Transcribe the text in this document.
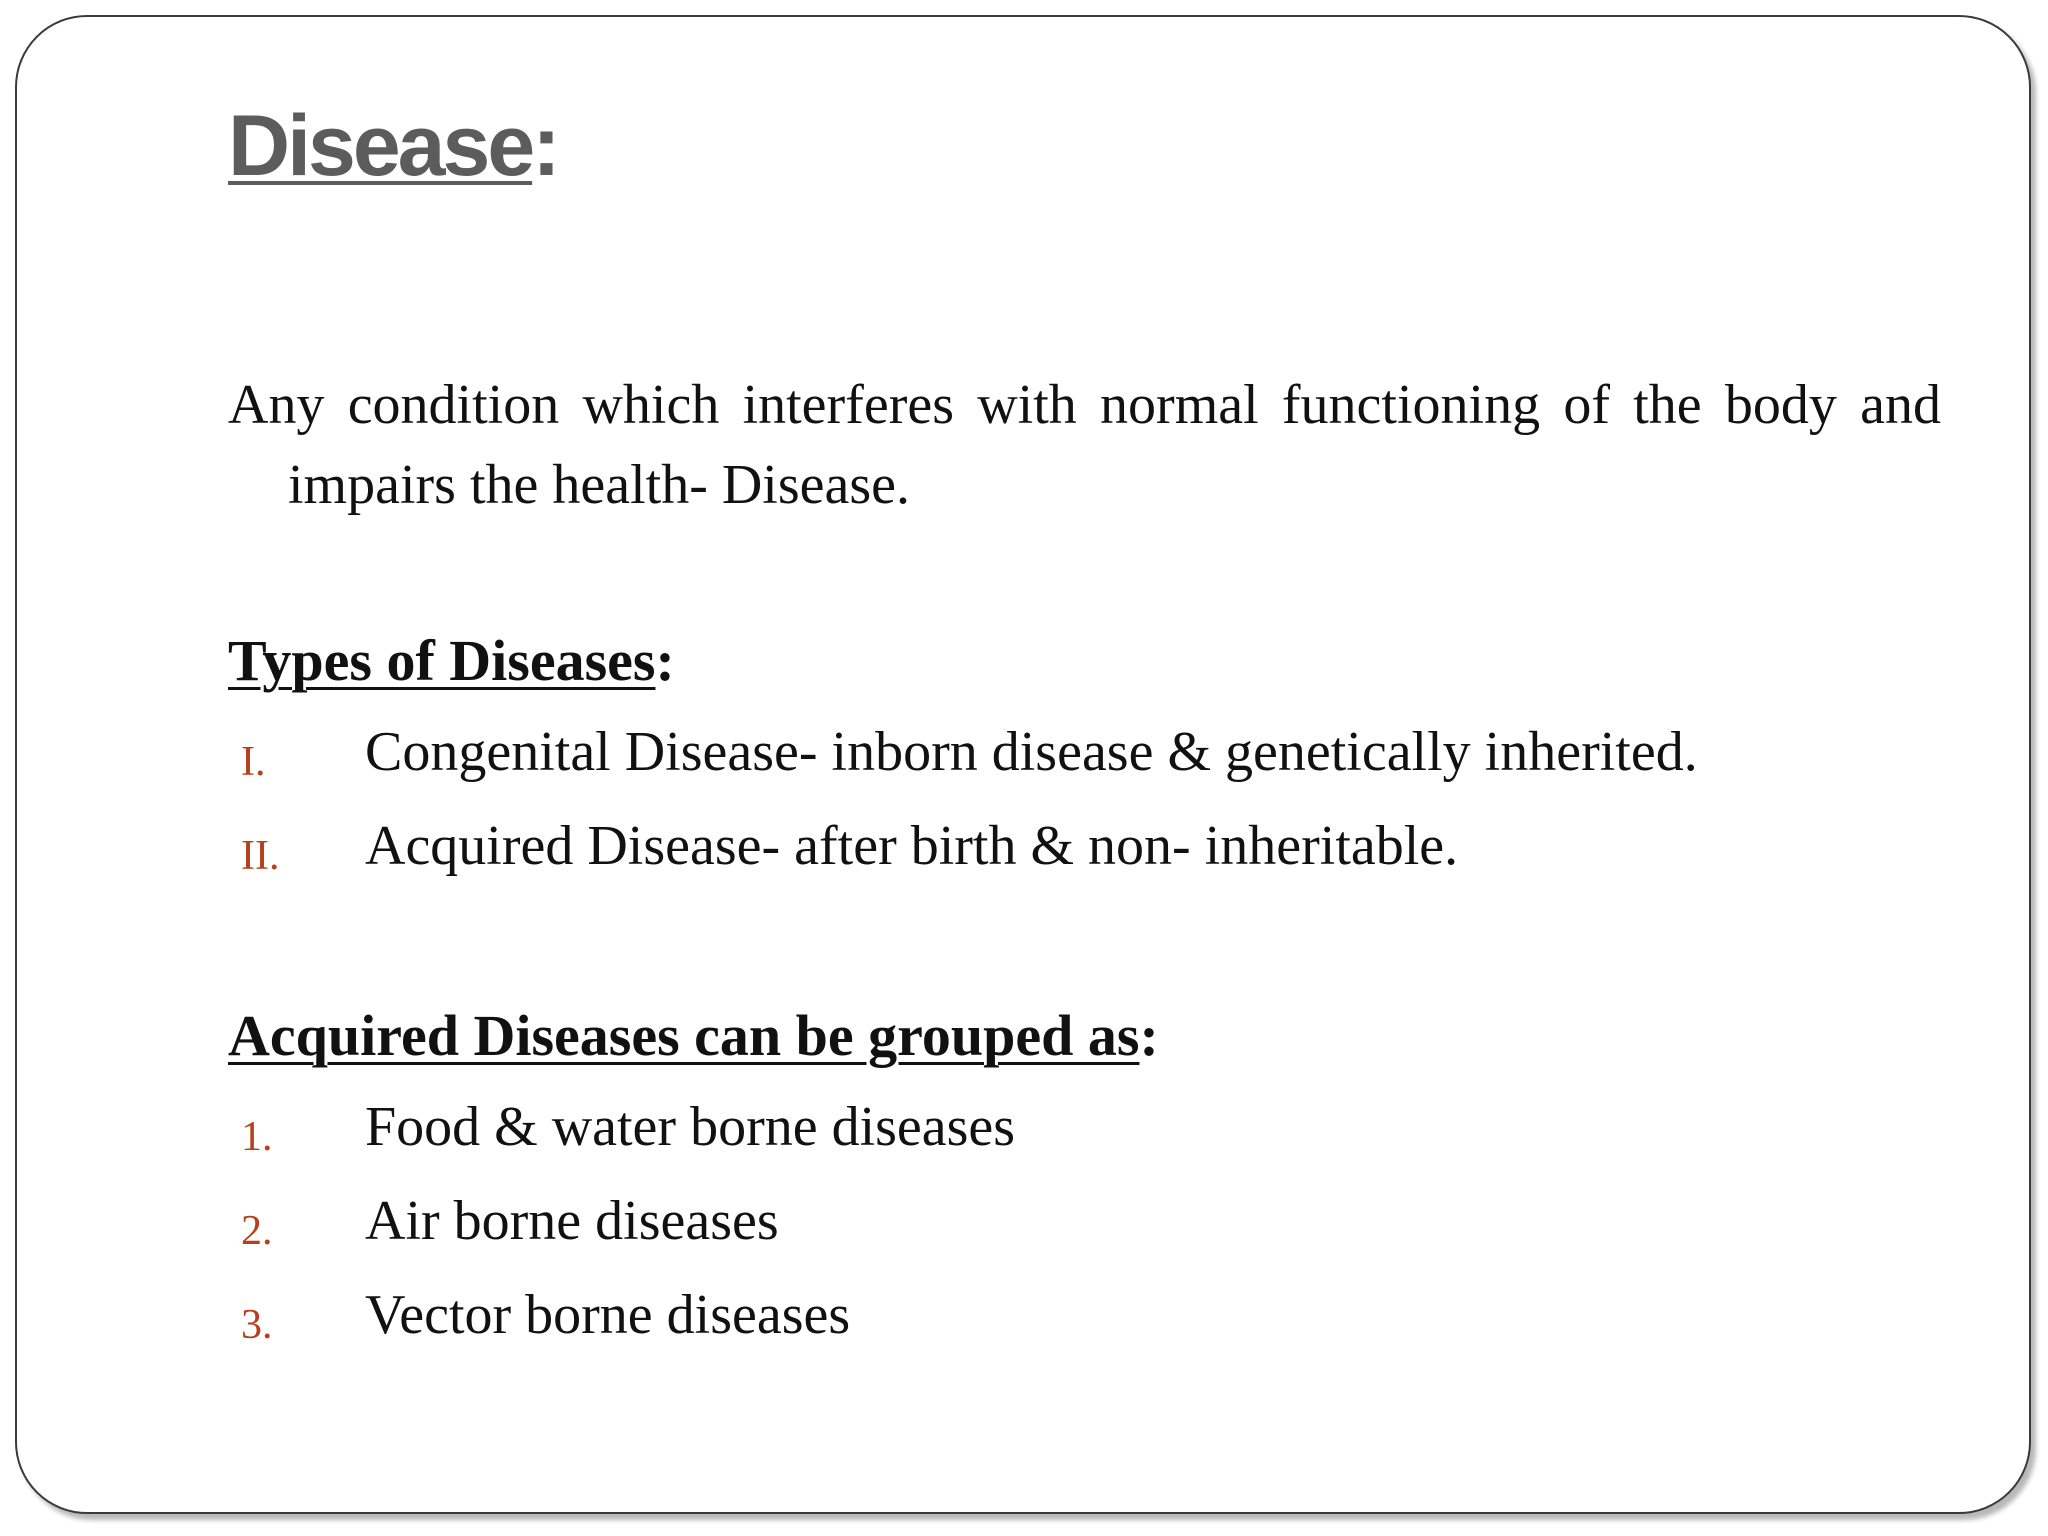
Disease:

Any condition which interferes with normal functioning of the body and impairs the health- Disease.

Types of Diseases:
I. Congenital Disease- inborn disease & genetically inherited.
II. Acquired Disease- after birth & non- inheritable.
Acquired Diseases can be grouped as:
1. Food & water borne diseases
2. Air borne diseases
3. Vector borne diseases
